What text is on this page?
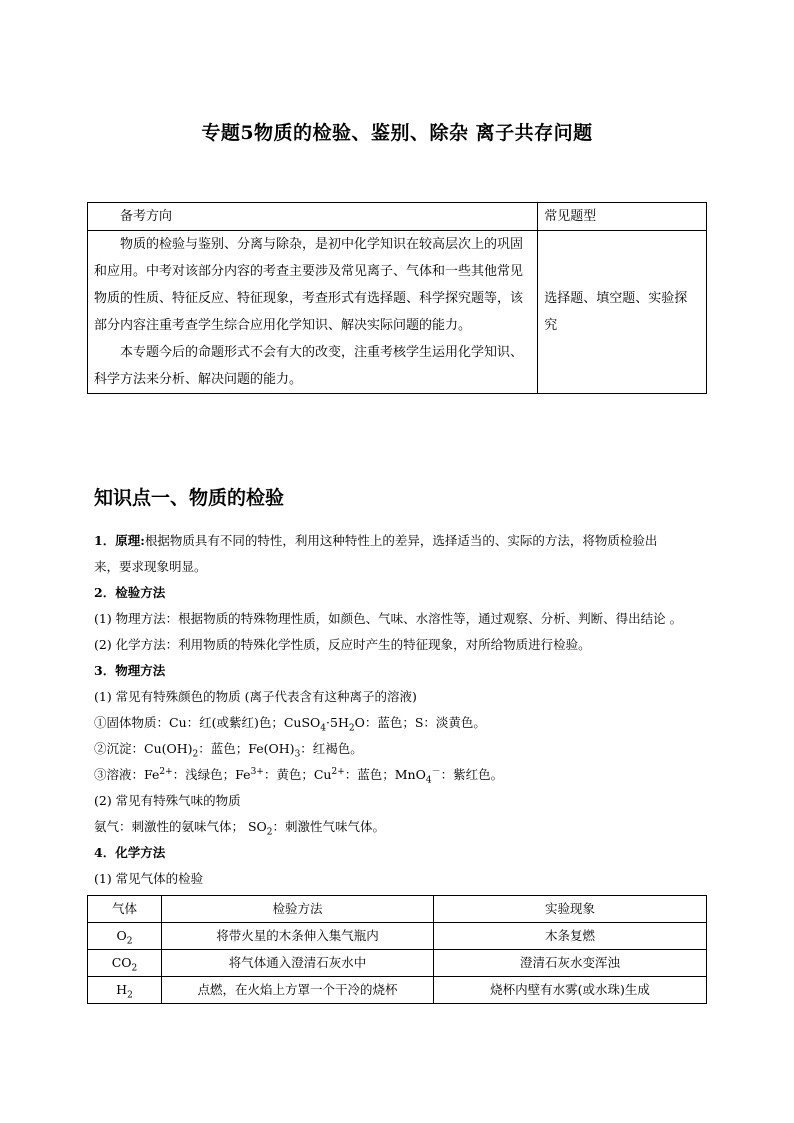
专题5物质的检验、鉴别、除杂 离子共存问题
备考方向	常见题型

物质的检验与鉴别、分离与除杂，是初中化学知识在较高层次上的巩固和应用。中考对该部分内容的考查主要涉及常见离子、气体和一些其他常见物质的性质、特征反应、特征现象，考查形式有选择题、科学探究题等，该部分内容注重考查学生综合应用化学知识、解决实际问题的能力。

本专题今后的命题形式不会有大的改变，注重考核学生运用化学知识、科学方法来分析、解决问题的能力。	选择题、填空题、实验探究
知识点一、物质的检验

1．原理:根据物质具有不同的特性，利用这种特性上的差异，选择适当的、实际的方法，将物质检验出

来，要求现象明显。

2．检验方法

(1) 物理方法：根据物质的特殊物理性质，如颜色、气味、水溶性等，通过观察、分析、判断、得出结论 。

(2) 化学方法：利用物质的特殊化学性质，反应时产生的特征现象，对所给物质进行检验。

3．物理方法

(1) 常见有特殊颜色的物质 (离子代表含有这种离子的溶液)

①固体物质：Cu：红(或紫红)色；$CuSO_4\cdot 5H_2O$：蓝色；S：淡黄色。

②沉淀：$Cu(OH)_2$：蓝色；$Fe(OH)_3$：红褐色。

③溶液：$Fe^{2+}$：浅绿色；$Fe^{3+}$：黄色；$Cu^{2+}$：蓝色；MnO$_4$－：紫红色。

(2) 常见有特殊气味的物质

氨气：刺激性的氨味气体； $SO_2$：刺激性气味气体。

4．化学方法

(1) 常见气体的检验

气体	检验方法	实验现象
$O_2$	将带火星的木条伸入集气瓶内	木条复燃
$CO_2$	将气体通入澄清石灰水中	澄清石灰水变浑浊
$H_2$	点燃，在火焰上方罩一个干冷的烧杯	烧杯内壁有水雾(或水珠)生成
